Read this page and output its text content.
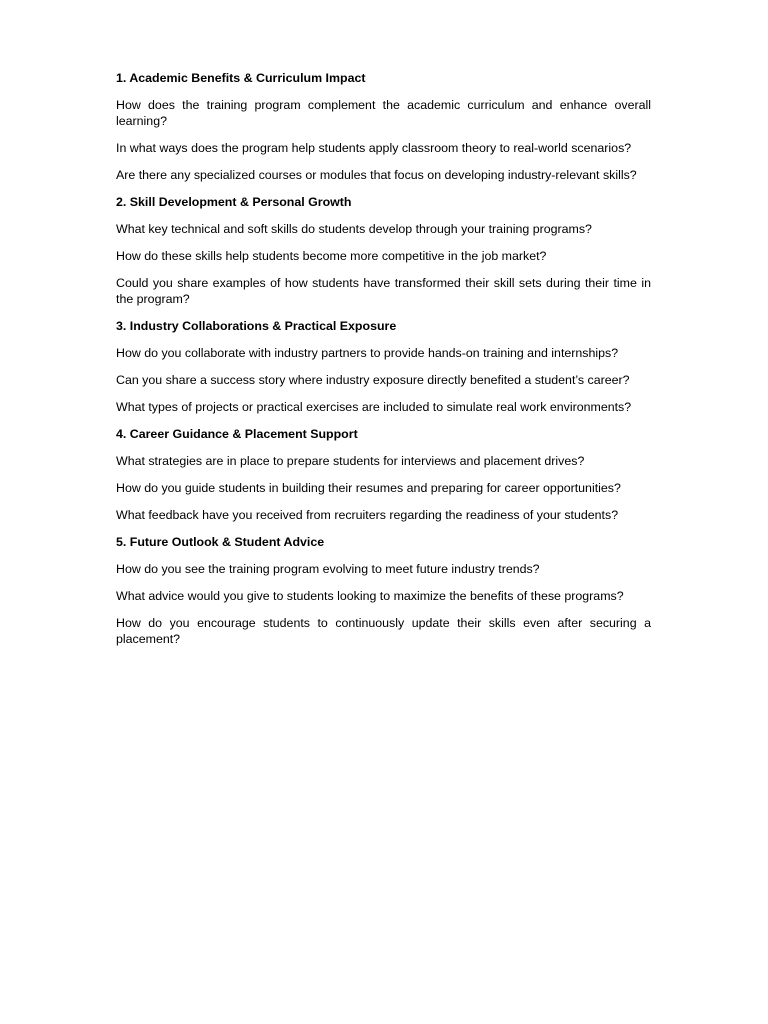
1. Academic Benefits & Curriculum Impact

How does the training program complement the academic curriculum and enhance overall learning?

In what ways does the program help students apply classroom theory to real-world scenarios?

Are there any specialized courses or modules that focus on developing industry-relevant skills?

2. Skill Development & Personal Growth

What key technical and soft skills do students develop through your training programs?

How do these skills help students become more competitive in the job market?

Could you share examples of how students have transformed their skill sets during their time in the program?

3. Industry Collaborations & Practical Exposure

How do you collaborate with industry partners to provide hands-on training and internships?

Can you share a success story where industry exposure directly benefited a student’s career?

What types of projects or practical exercises are included to simulate real work environments?

4. Career Guidance & Placement Support

What strategies are in place to prepare students for interviews and placement drives?

How do you guide students in building their resumes and preparing for career opportunities?

What feedback have you received from recruiters regarding the readiness of your students?

5. Future Outlook & Student Advice

How do you see the training program evolving to meet future industry trends?

What advice would you give to students looking to maximize the benefits of these programs?

How do you encourage students to continuously update their skills even after securing a placement?
